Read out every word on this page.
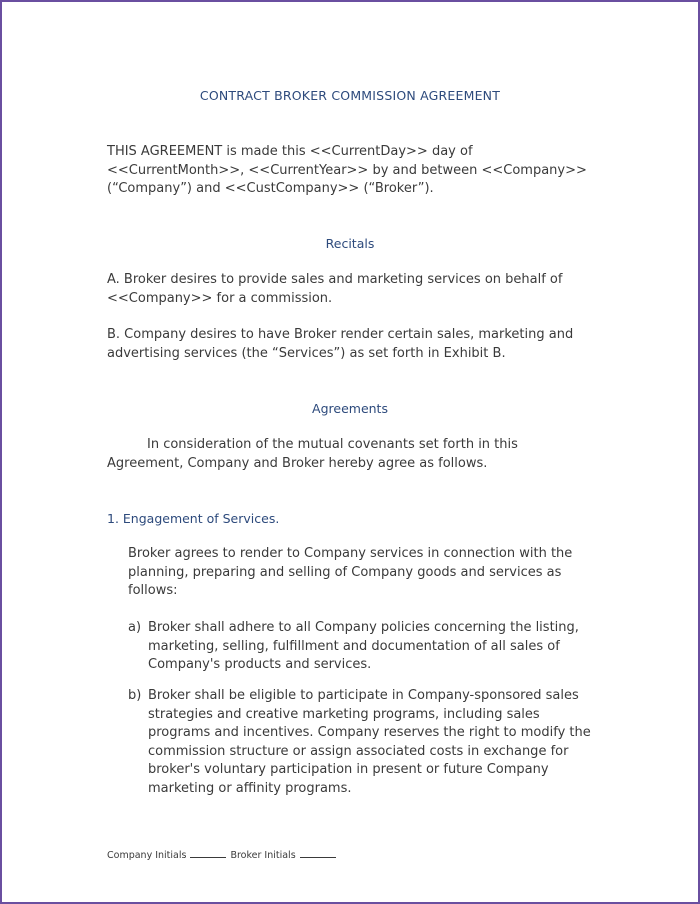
CONTRACT BROKER COMMISSION AGREEMENT
THIS AGREEMENT is made this <<CurrentDay>> day of <<CurrentMonth>>, <<CurrentYear>> by and between <<Company>> (“Company”) and <<CustCompany>> (“Broker”).
Recitals
A. Broker desires to provide sales and marketing services on behalf of <<Company>> for a commission.
B. Company desires to have Broker render certain sales, marketing and advertising services (the “Services”) as set forth in Exhibit B.
Agreements
In consideration of the mutual covenants set forth in this Agreement, Company and Broker hereby agree as follows.
1. Engagement of Services.
Broker agrees to render to Company services in connection with the planning, preparing and selling of Company goods and services as follows:
a) Broker shall adhere to all Company policies concerning the listing, marketing, selling, fulfillment and documentation of all sales of Company's products and services.
b) Broker shall be eligible to participate in Company-sponsored sales strategies and creative marketing programs, including sales programs and incentives. Company reserves the right to modify the commission structure or assign associated costs in exchange for broker's voluntary participation in present or future Company marketing or affinity programs.
Company Initials	Broker Initials
